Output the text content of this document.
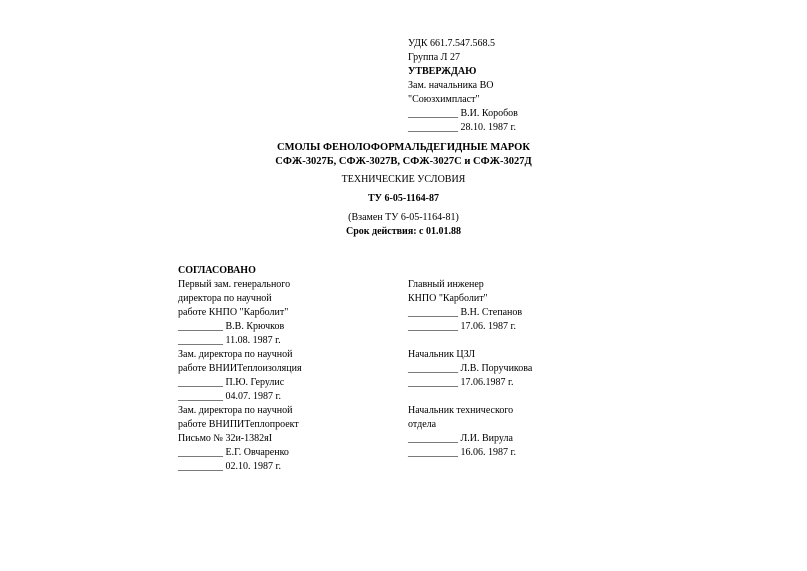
УДК 661.7.547.568.5
Группа Л 27
УТВЕРЖДАЮ
Зам. начальника ВО
"Союзхимпласт"
__________ В.И. Коробов
__________ 28.10. 1987 г.
СМОЛЫ ФЕНОЛОФОРМАЛЬДЕГИДНЫЕ МАРОК
СФЖ-3027Б, СФЖ-3027В, СФЖ-3027С и СФЖ-3027Д
ТЕХНИЧЕСКИЕ УСЛОВИЯ
ТУ 6-05-1164-87
(Взамен ТУ 6-05-1164-81)
Срок действия: с 01.01.88
СОГЛАСОВАНО
Первый зам. генерального
директора по научной
работе КНПО "Карболит"
_________ В.В. Крючков
_________ 11.08. 1987 г.
Зам. директора по научной
работе ВНИИТеплоизоляция
_________ П.Ю. Герулис
_________ 04.07. 1987 г.
Зам. директора по научной
работе ВНИПИТеплопроект
Письмо № 32и-1382яI
_________ Е.Г. Овчаренко
_________ 02.10. 1987 г.
Главный инженер
КНПО "Карболит"
__________ В.Н. Степанов
__________ 17.06. 1987 г.
Начальник ЦЗЛ
__________ Л.В. Поручикова
__________ 17.06.1987 г.
Начальник технического
отдела
__________ Л.И. Вирула
__________ 16.06. 1987 г.
